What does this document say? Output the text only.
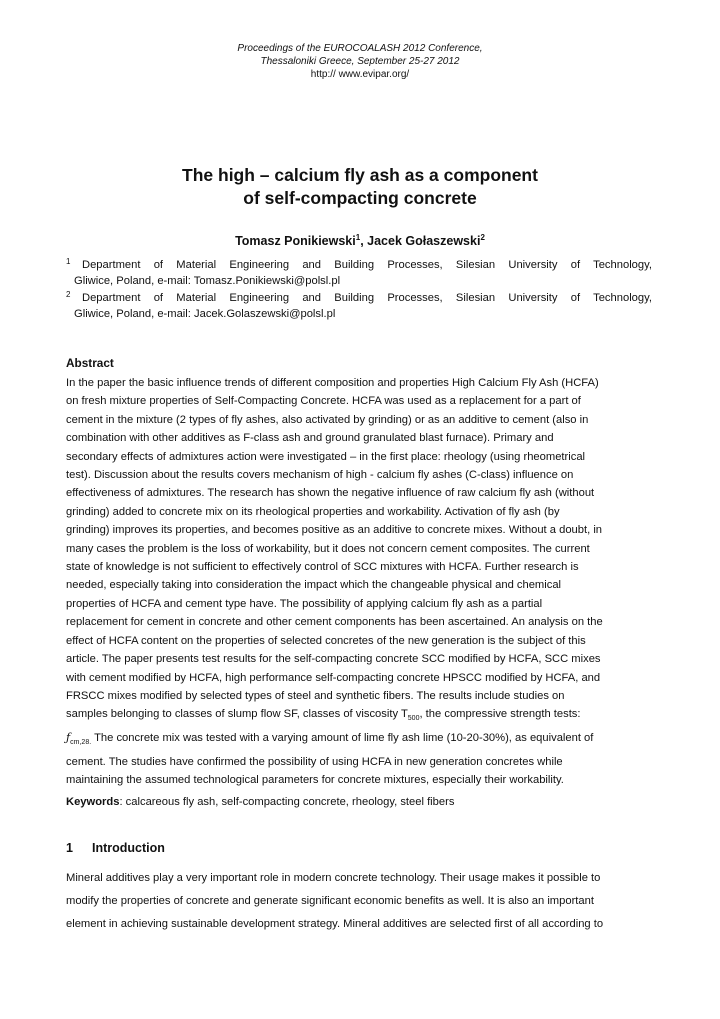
Proceedings of the EUROCOALASH 2012 Conference,
Thessaloniki Greece, September 25-27 2012
http:// www.evipar.org/
The high – calcium fly ash as a component
of self-compacting concrete
Tomasz Ponikiewski$^1$, Jacek Gołaszewski$^2$
1 Department of Material Engineering and Building Processes, Silesian University of Technology,
Gliwice, Poland, e-mail: Tomasz.Ponikiewski@polsl.pl
2 Department of Material Engineering and Building Processes, Silesian University of Technology,
Gliwice, Poland, e-mail: Jacek.Golaszewski@polsl.pl
Abstract
Keywords: calcareous fly ash, self-compacting concrete, rheology, steel fibers
1 Introduction
Mineral additives play a very important role in modern concrete technology. Their usage makes it possible to
modify the properties of concrete and generate significant economic benefits as well. It is also an important
element in achieving sustainable development strategy. Mineral additives are selected first of all according to
In the paper the basic influence trends of different composition and properties High Calcium Fly Ash (HCFA)
on fresh mixture properties of Self-Compacting Concrete. HCFA was used as a replacement for a part of
cement in the mixture (2 types of fly ashes, also activated by grinding) or as an additive to cement (also in
combination with other additives as F-class ash and ground granulated blast furnace). Primary and
secondary effects of admixtures action were investigated – in the first place: rheology (using rheometrical
test). Discussion about the results covers mechanism of high - calcium fly ashes (C-class) influence on
effectiveness of admixtures. The research has shown the negative influence of raw calcium fly ash (without
grinding) added to concrete mix on its rheological properties and workability. Activation of fly ash (by
grinding) improves its properties, and becomes positive as an additive to concrete mixes. Without a doubt, in
many cases the problem is the loss of workability, but it does not concern cement composites. The current
state of knowledge is not sufficient to effectively control of SCC mixtures with HCFA. Further research is
needed, especially taking into consideration the impact which the changeable physical and chemical
properties of HCFA and cement type have. The possibility of applying calcium fly ash as a partial
replacement for cement in concrete and other cement components has been ascertained. An analysis on the
effect of HCFA content on the properties of selected concretes of the new generation is the subject of this
article. The paper presents test results for the self-compacting concrete SCC modified by HCFA, SCC mixes
with cement modified by HCFA, high performance self-compacting concrete HPSCC modified by HCFA, and
FRSCC mixes modified by selected types of steel and synthetic fibers. The results include studies on
samples belonging to classes of slump flow SF, classes of viscosity $T_{500}$, the compressive strength tests:
$ƒ_{cm,28.}$ The concrete mix was tested with a varying amount of lime fly ash lime (10-20-30%), as equivalent of
cement. The studies have confirmed the possibility of using HCFA in new generation concretes while
maintaining the assumed technological parameters for concrete mixtures, especially their workability.
